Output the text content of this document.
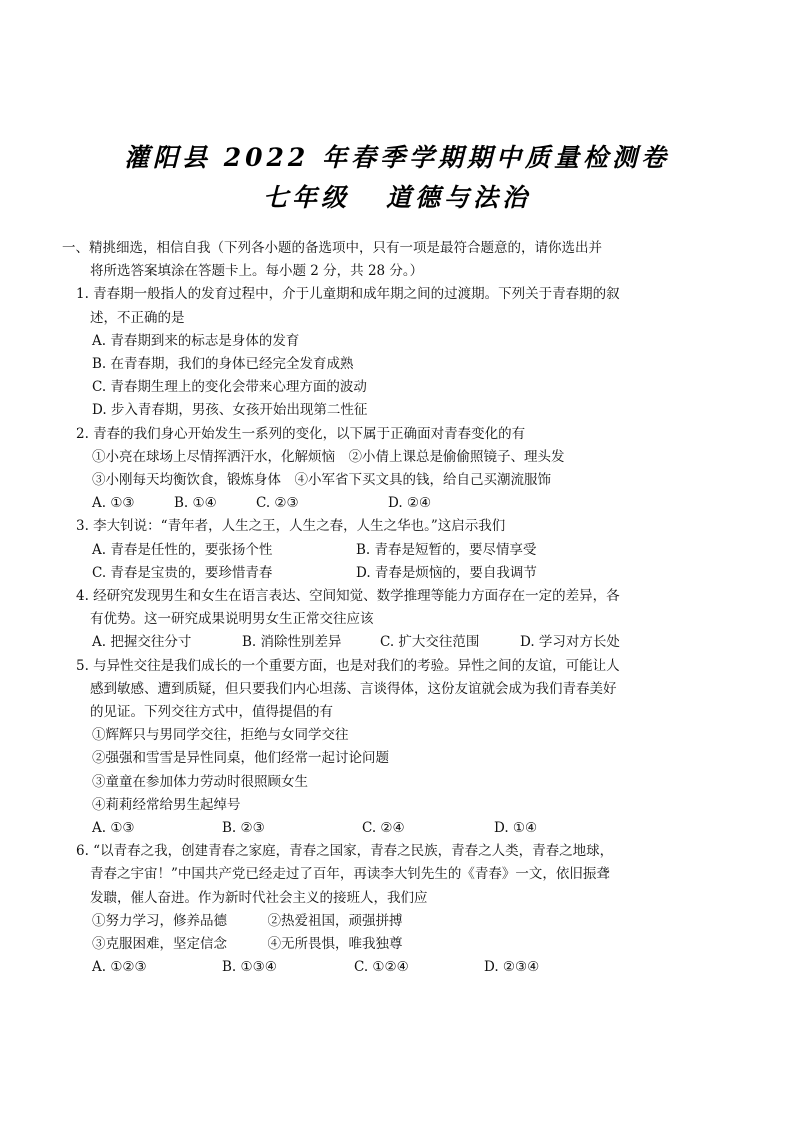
灌阳县 2022 年春季学期期中质量检测卷
七年级 道德与法治
一、精挑细选，相信自我（下列各小题的备选项中，只有一项是最符合题意的，请你选出并
将所选答案填涂在答题卡上。每小题 2 分，共 28 分。）
1. 青春期一般指人的发育过程中，介于儿童期和成年期之间的过渡期。下列关于青春期的叙
述，不正确的是
A. 青春期到来的标志是身体的发育
B. 在青春期，我们的身体已经完全发育成熟
C. 青春期生理上的变化会带来心理方面的波动
D. 步入青春期，男孩、女孩开始出现第二性征
2. 青春的我们身心开始发生一系列的变化，以下属于正确面对青春变化的有
①小亮在球场上尽情挥洒汗水，化解烦恼　②小倩上课总是偷偷照镜子、理头发
③小刚每天均衡饮食，锻炼身体　④小军省下买文具的钱，给自己买潮流服饰
A. ①③	B. ①④	C. ②③	D. ②④
3. 李大钊说：“青年者，人生之王，人生之春，人生之华也。”这启示我们
A. 青春是任性的，要张扬个性	B. 青春是短暂的，要尽情享受
C. 青春是宝贵的，要珍惜青春	D. 青春是烦恼的，要自我调节
4. 经研究发现男生和女生在语言表达、空间知觉、数学推理等能力方面存在一定的差异，各
有优势。这一研究成果说明男女生正常交往应该
A. 把握交往分寸	B. 消除性别差异	C. 扩大交往范围	D. 学习对方长处
5. 与异性交往是我们成长的一个重要方面，也是对我们的考验。异性之间的友谊，可能让人
感到敏感、遭到质疑，但只要我们内心坦荡、言谈得体，这份友谊就会成为我们青春美好
的见证。下列交往方式中，值得提倡的有
①辉辉只与男同学交往，拒绝与女同学交往
②强强和雪雪是异性同桌，他们经常一起讨论问题
③童童在参加体力劳动时很照顾女生
④莉莉经常给男生起绰号
A. ①③	B. ②③	C. ②④	D. ①④
6. “以青春之我，创建青春之家庭，青春之国家，青春之民族，青春之人类，青春之地球，
青春之宇宙！”中国共产党已经走过了百年，再读李大钊先生的《青春》一文，依旧振聋
发聩，催人奋进。作为新时代社会主义的接班人，我们应
①努力学习，修养品德　　　②热爱祖国，顽强拼搏
③克服困难，坚定信念　　　④无所畏惧，唯我独尊
A. ①②③	B. ①③④	C. ①②④	D. ②③④
